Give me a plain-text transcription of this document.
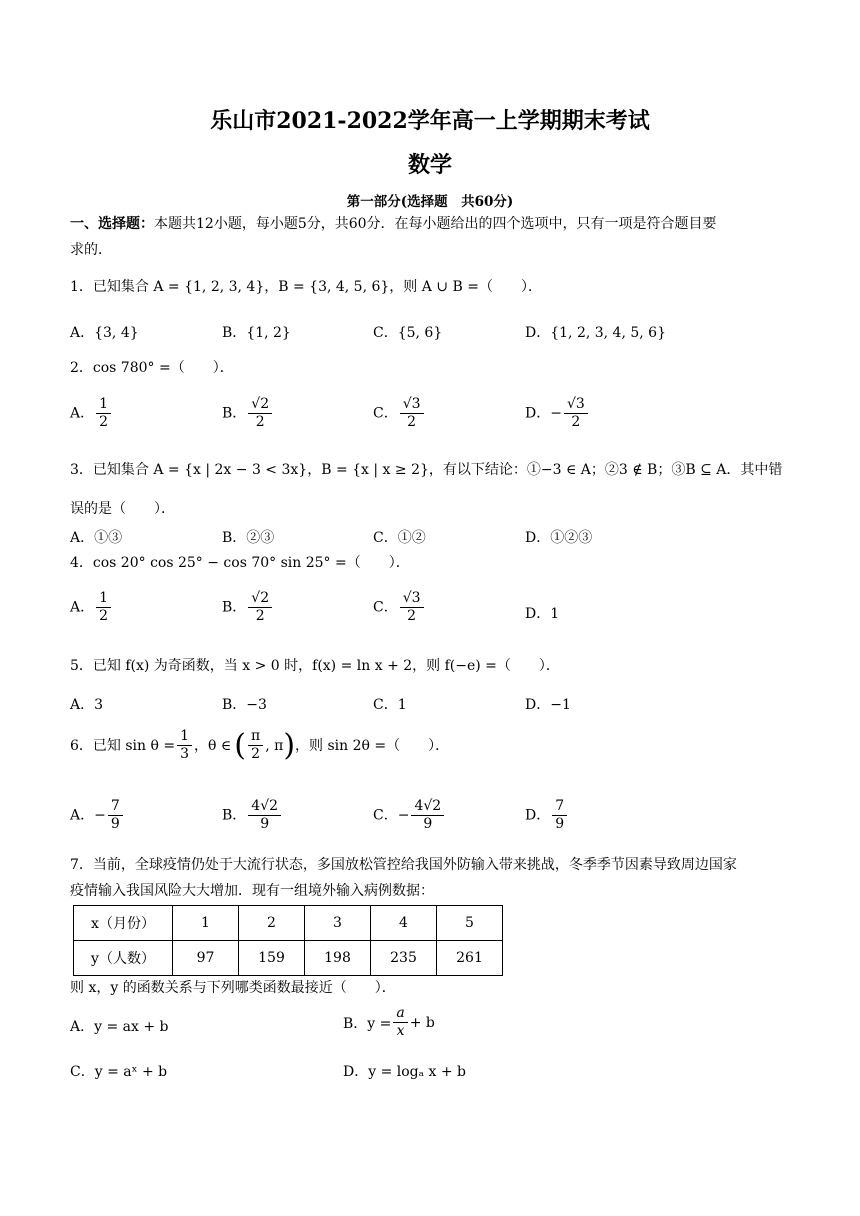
乐山市2021-2022学年高一上学期期末考试
数学
第一部分(选择题　共60分)
一、选择题：本题共12小题，每小题5分，共60分．在每小题给出的四个选项中，只有一项是符合题目要
求的．
1．已知集合 A = {1, 2, 3, 4}，B = {3, 4, 5, 6}，则 A ∪ B =（　　）．
A．{3, 4}	B．{1, 2}	C．{5, 6}	D．{1, 2, 3, 4, 5, 6}
2．cos 780° =（　　）．
A． $\frac{1}{2}$	B． $\frac{√2}{2}$	C． $\frac{√3}{2}$	D．− $\frac{√3}{2}$
3．已知集合 A = {x | 2x − 3 < 3x}，B = {x | x ≥ 2}，有以下结论：①−3 ∈ A；②3 ∉ B；③B ⊆ A．其中错
误的是（　　）．
A．①③	B．②③	C．①②	D．①②③
4．cos 20° cos 25° − cos 70° sin 25° =（　　）．
A． $\frac{1}{2}$	B． $\frac{√2}{2}$	C． $\frac{√3}{2}$	D．1
5．已知 f(x) 为奇函数，当 x > 0 时，f(x) = ln x + 2，则 f(−e) =（　　）．
A．3	B．−3	C．1	D．−1
6．已知 $\sin \theta = \frac{1}{3}$ ，θ ∈ ( $\frac{\pi}{2}$ , π ) ，则 sin 2θ =（　　）．
A．− $\frac{7}{9}$	B． $\frac{4√2}{9}$	C．− $\frac{4√2}{9}$	D． $\frac{7}{9}$
7．当前，全球疫情仍处于大流行状态，多国放松管控给我国外防输入带来挑战，冬季季节因素导致周边国家
疫情输入我国风险大大增加．现有一组境外输入病例数据：
x（月份）	1	2	3	4	5
y（人数）	97	159	198	235	261
则 x，y 的函数关系与下列哪类函数最接近（　　）．
A．y = ax + b	B．$y = \frac{a}{x} + b$
C．y = aˣ + b	D．y = logₐ x + b
